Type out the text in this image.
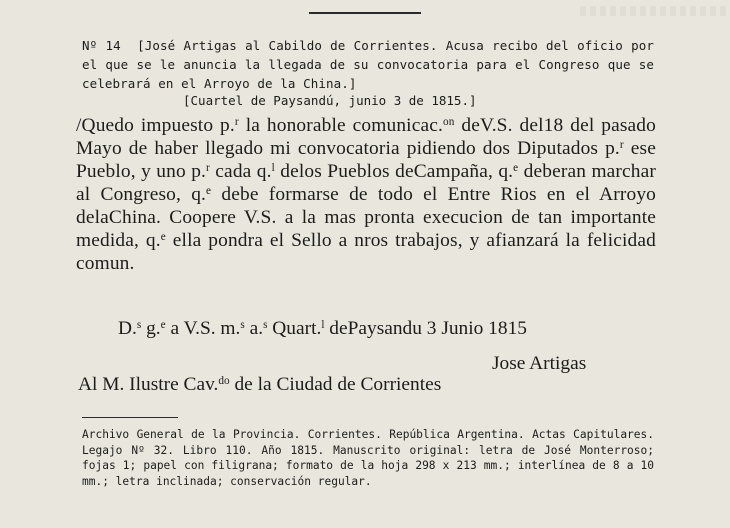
Nº 14 [José Artigas al Cabildo de Corrientes. Acusa recibo del oficio por el que se le anuncia la llegada de su convocatoria para el Congreso que se celebrará en el Arroyo de la China.]
[Cuartel de Paysandú, junio 3 de 1815.]

/Quedo impuesto p.$^r$ la honorable comunicac.$^{on}$ deV.S. del18 del pasado Mayo de haber llegado mi convocatoria pidiendo dos Diputados p.$^r$ ese Pueblo, y uno p.$^r$ cada q.$^l$ delos Pueblos deCampaña, q.$^e$ deberan marchar al Congreso, q.$^e$ debe formarse de todo el Entre Rios en el Arroyo delaChina. Coopere V.S. a la mas pronta execucion de tan importante medida, q.$^e$ ella pondra el Sello a nros trabajos, y afianzará la felicidad comun.

D.$^s$ g.$^e$ a V.S. m.$^s$ a.$^s$ Quart.$^l$ dePaysandu 3 Junio 1815
Jose Artigas
Al M. Ilustre Cav.$^{do}$ de la Ciudad de Corrientes
Archivo General de la Provincia. Corrientes. República Argentina. Actas Capitulares. Legajo Nº 32. Libro 110. Año 1815. Manuscrito original: letra de José Monterroso; fojas 1; papel con filigrana; formato de la hoja 298 x 213 mm.; interlínea de 8 a 10 mm.; letra inclinada; conservación regular.
